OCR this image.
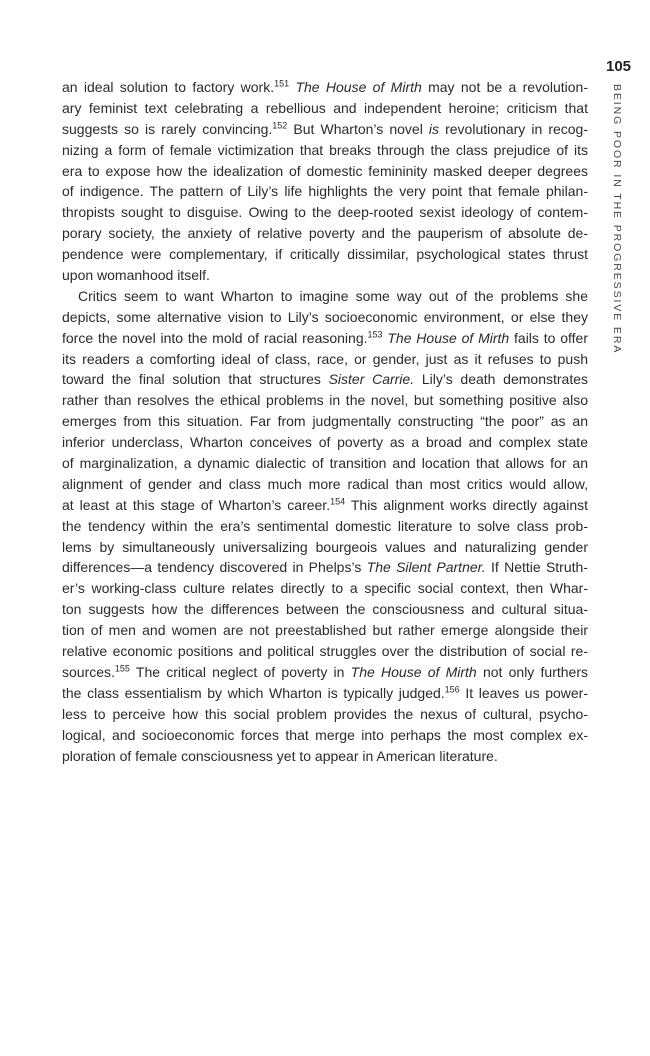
105
BEING POOR IN THE PROGRESSIVE ERA
an ideal solution to factory work.$^{151}$ The House of Mirth may not be a revolution-
ary feminist text celebrating a rebellious and independent heroine; criticism that
suggests so is rarely convincing.$^{152}$ But Wharton’s novel is revolutionary in recog-
nizing a form of female victimization that breaks through the class prejudice of its
era to expose how the idealization of domestic femininity masked deeper degrees
of indigence. The pattern of Lily’s life highlights the very point that female philan-
thropists sought to disguise. Owing to the deep-rooted sexist ideology of contem-
porary society, the anxiety of relative poverty and the pauperism of absolute de-
pendence were complementary, if critically dissimilar, psychological states thrust
upon womanhood itself.
Critics seem to want Wharton to imagine some way out of the problems she
depicts, some alternative vision to Lily’s socioeconomic environment, or else they
force the novel into the mold of racial reasoning.$^{153}$ The House of Mirth fails to offer
its readers a comforting ideal of class, race, or gender, just as it refuses to push
toward the final solution that structures Sister Carrie. Lily’s death demonstrates
rather than resolves the ethical problems in the novel, but something positive also
emerges from this situation. Far from judgmentally constructing “the poor” as an
inferior underclass, Wharton conceives of poverty as a broad and complex state
of marginalization, a dynamic dialectic of transition and location that allows for an
alignment of gender and class much more radical than most critics would allow,
at least at this stage of Wharton’s career.$^{154}$ This alignment works directly against
the tendency within the era’s sentimental domestic literature to solve class prob-
lems by simultaneously universalizing bourgeois values and naturalizing gender
differences—a tendency discovered in Phelps’s The Silent Partner. If Nettie Struth-
er’s working-class culture relates directly to a specific social context, then Whar-
ton suggests how the differences between the consciousness and cultural situa-
tion of men and women are not preestablished but rather emerge alongside their
relative economic positions and political struggles over the distribution of social re-
sources.$^{155}$ The critical neglect of poverty in The House of Mirth not only furthers
the class essentialism by which Wharton is typically judged.$^{156}$ It leaves us power-
less to perceive how this social problem provides the nexus of cultural, psycho-
logical, and socioeconomic forces that merge into perhaps the most complex ex-
ploration of female consciousness yet to appear in American literature.
